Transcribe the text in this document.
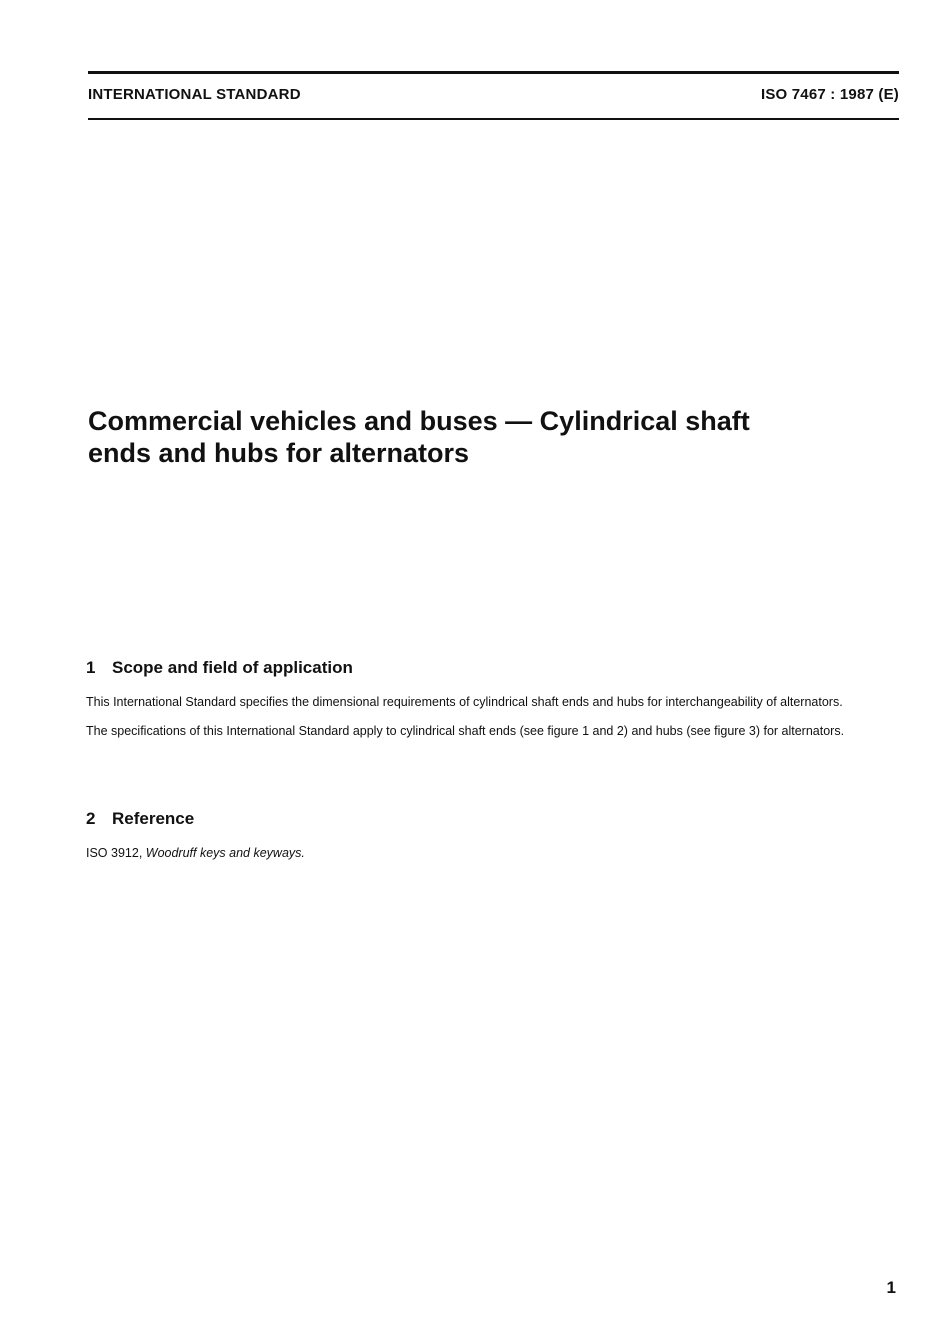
INTERNATIONAL STANDARD	ISO 7467 : 1987 (E)
Commercial vehicles and buses — Cylindrical shaft
ends and hubs for alternators
1 Scope and field of application

This International Standard specifies the dimensional requirements of cylindrical shaft ends and hubs for interchangeability of alternators.

The specifications of this International Standard apply to cylindrical shaft ends (see figure 1 and 2) and hubs (see figure 3) for alternators.

2 Reference

ISO 3912, Woodruff keys and keyways.

1
